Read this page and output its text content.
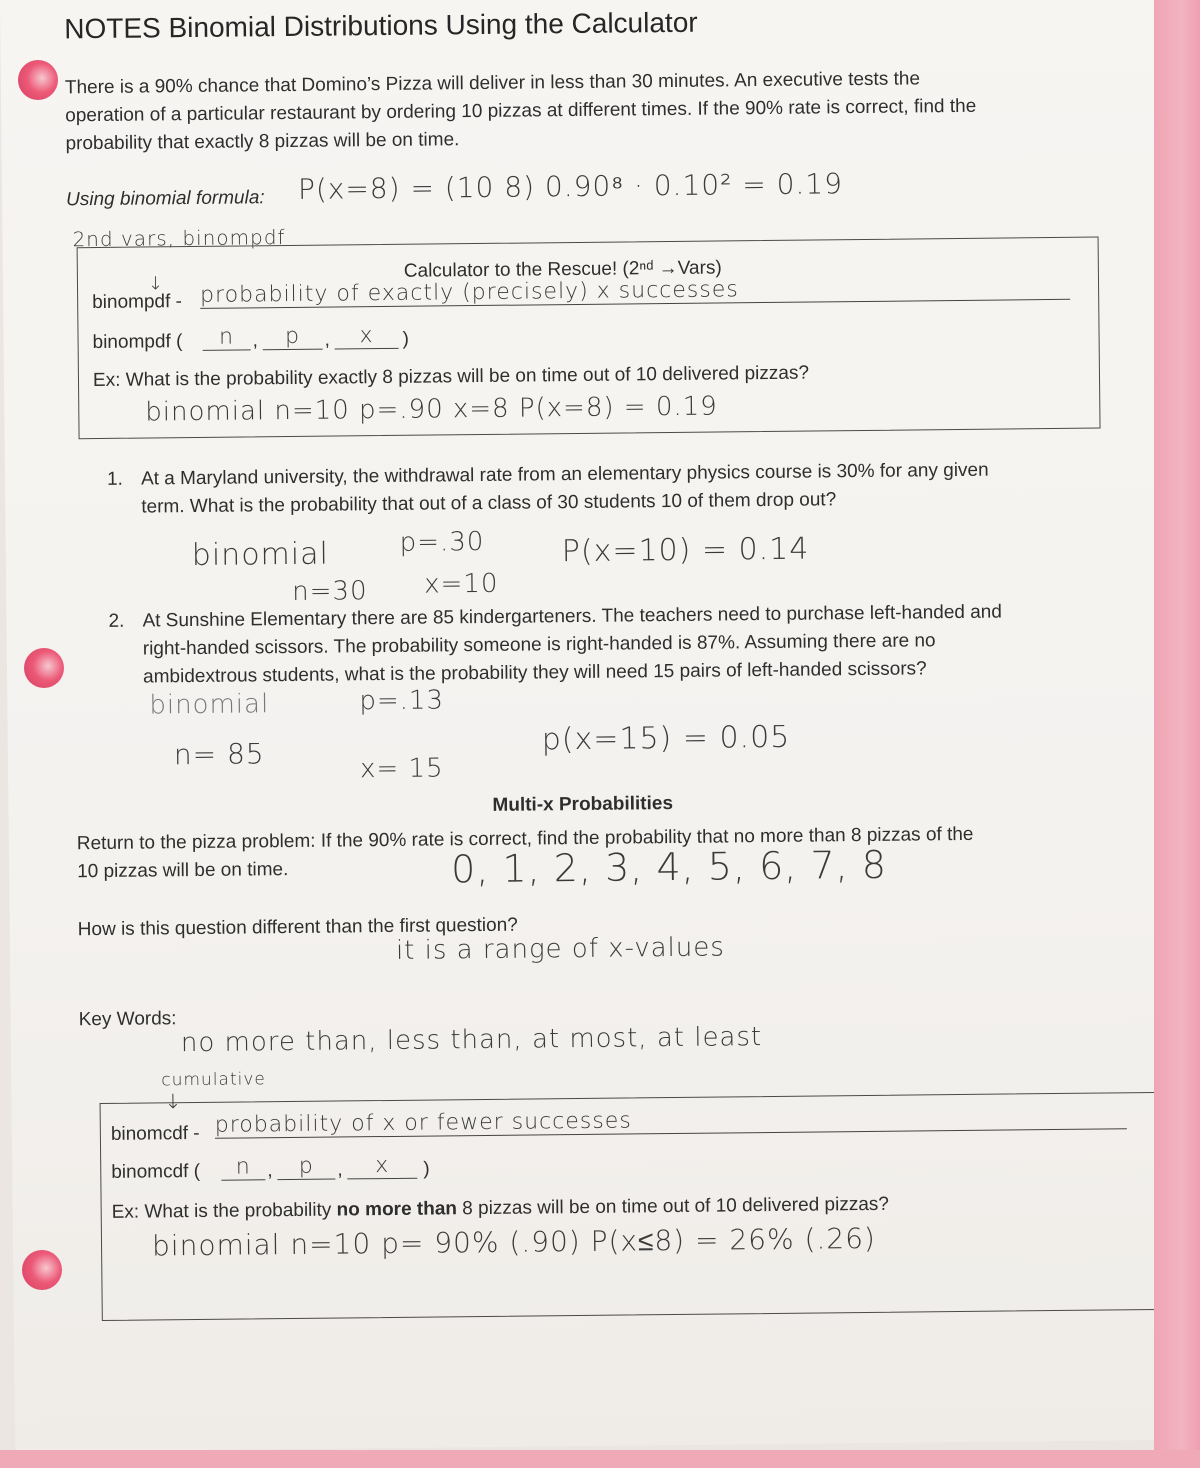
NOTES Binomial Distributions Using the Calculator
There is a 90% chance that Domino’s Pizza will deliver in less than 30 minutes. An executive tests the
operation of a particular restaurant by ordering 10 pizzas at different times. If the 90% rate is correct, find the
probability that exactly 8 pizzas will be on time.
Using binomial formula: P(x=8) = (10 8) 0.90⁸ · 0.10² = 0.19
2nd vars, binompdf
Calculator to the Rescue! (2ⁿᵈ →Vars)
↓
binompdf - probability of exactly (precisely) x successes
binompdf (	n ,	p	,	x	)
Ex: What is the probability exactly 8 pizzas will be on time out of 10 delivered pizzas?
binomial n=10 p=.90 x=8 P(x=8) = 0.19
1. At a Maryland university, the withdrawal rate from an elementary physics course is 30% for any given
term. What is the probability that out of a class of 30 students 10 of them drop out?
binomial	p=.30	P(x=10) = 0.14
n=30 x=10
2. At Sunshine Elementary there are 85 kindergarteners. The teachers need to purchase left-handed and
right-handed scissors. The probability someone is right-handed is 87%. Assuming there are no
ambidextrous students, what is the probability they will need 15 pairs of left-handed scissors?
binomial	p=.13
n= 85	x= 15
p(x=15) = 0.05
Multi-x Probabilities
Return to the pizza problem: If the 90% rate is correct, find the probability that no more than 8 pizzas of the
10 pizzas will be on time.	0, 1, 2, 3, 4, 5, 6, 7, 8
How is this question different than the first question?
it is a range of x-values
Key Words:
no more than, less than, at most, at least
cumulative
↓
binomcdf - probability of x or fewer successes
binomcdf (	n ,	p	,	x	)
Ex: What is the probability no more than 8 pizzas will be on time out of 10 delivered pizzas?
binomial n=10 p= 90% (.90) P(x≤8) = 26% (.26)
